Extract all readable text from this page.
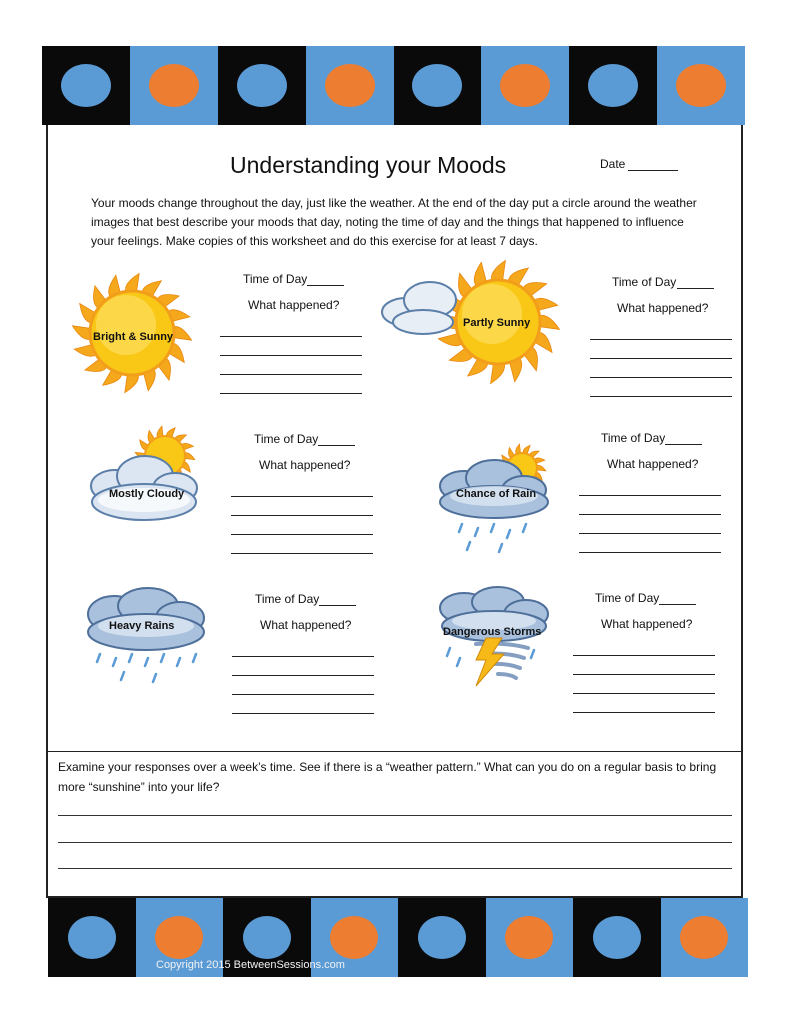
Understanding your Moods	Date
Your moods change throughout the day, just like the weather. At the end of the day put a circle around the weather images that best describe your moods that day, noting the time of day and the things that happened to influence your feelings. Make copies of this worksheet and do this exercise for at least 7 days.
Bright & Sunny
Time of Day
What happened?
Partly Sunny
Time of Day
What happened?
Mostly Cloudy
Time of Day
What happened?
Chance of Rain
Time of Day
What happened?
Heavy Rains
Time of Day
What happened?	Dangerous Storms
Time of Day
What happened?
Examine your responses over a week’s time. See if there is a “weather pattern.” What can you do on a regular basis to bring more “sunshine” into your life?
Copyright 2015 BetweenSessions.com
